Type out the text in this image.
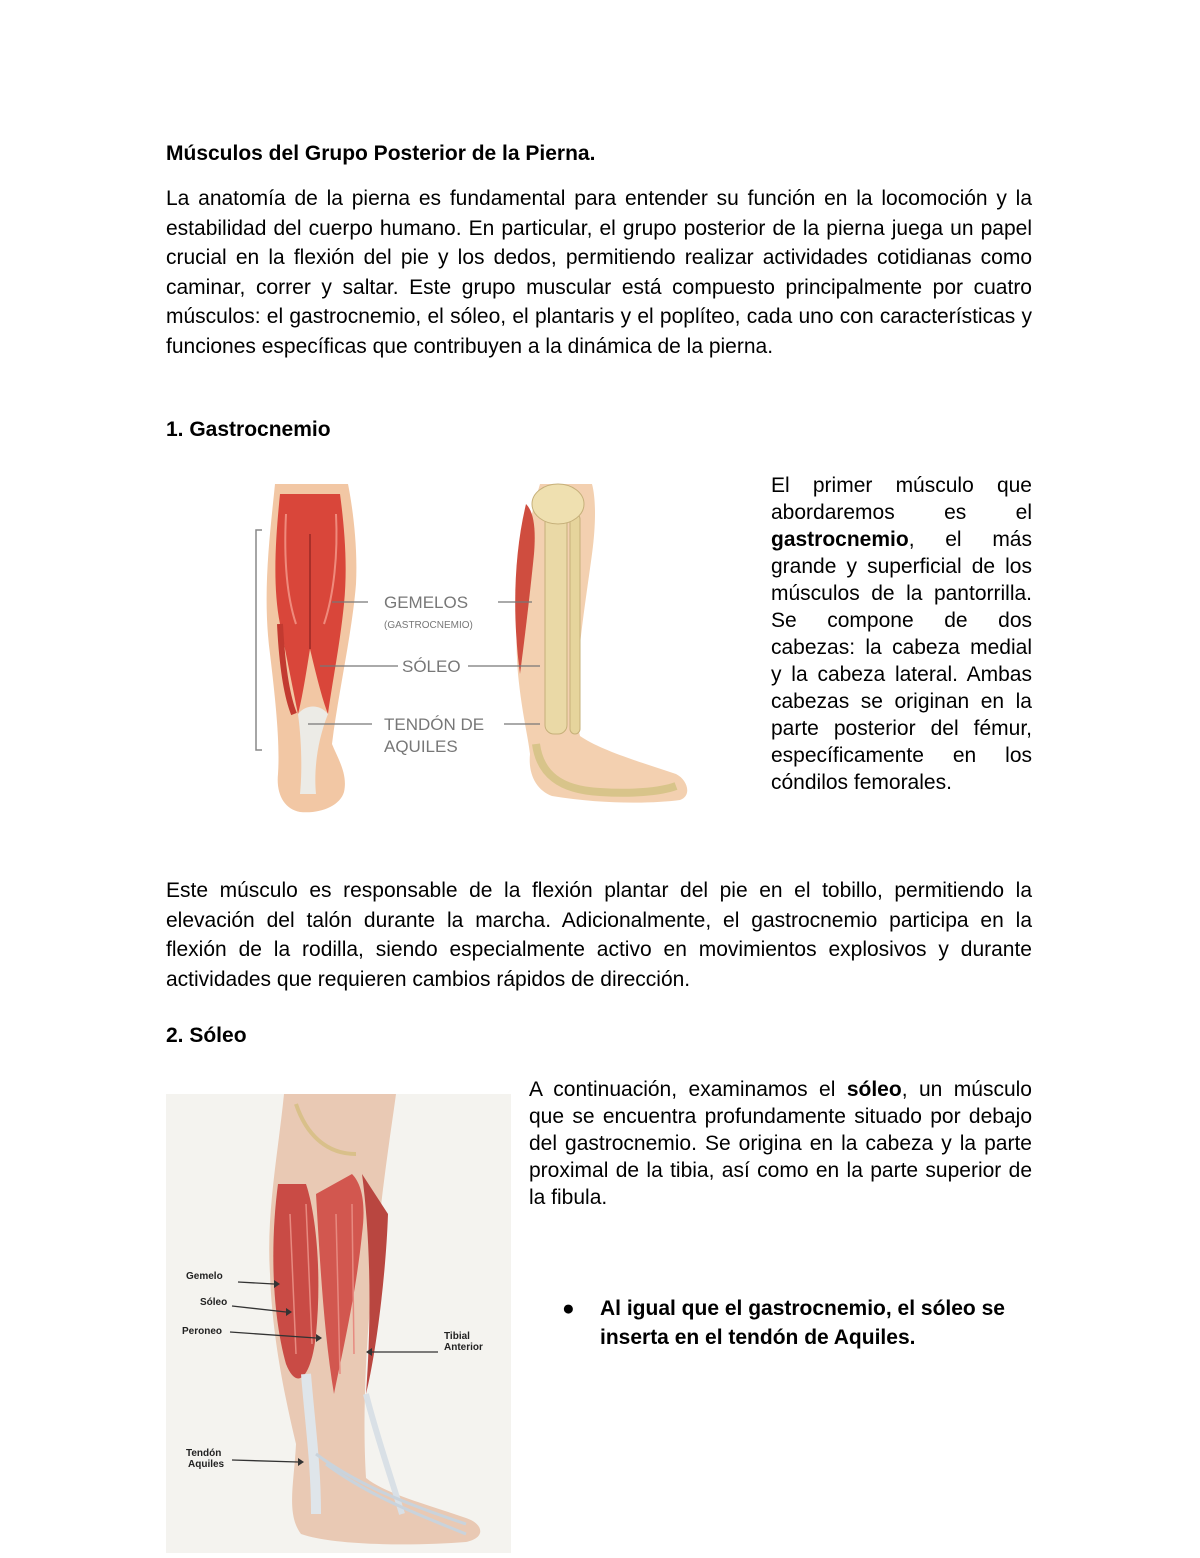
Músculos del Grupo Posterior de la Pierna.

La anatomía de la pierna es fundamental para entender su función en la locomoción y la estabilidad del cuerpo humano. En particular, el grupo posterior de la pierna juega un papel crucial en la flexión del pie y los dedos, permitiendo realizar actividades cotidianas como caminar, correr y saltar. Este grupo muscular está compuesto principalmente por cuatro músculos: el gastrocnemio, el sóleo, el plantaris y el poplíteo, cada uno con características y funciones específicas que contribuyen a la dinámica de la pierna.

1. Gastrocnemio
GEMELOS
(GASTROCNEMIO)
SÓLEO
TENDÓN DE
AQUILES

El primer músculo que abordaremos es el gastrocnemio, el más grande y superficial de los músculos de la pantorrilla. Se compone de dos cabezas: la cabeza medial y la cabeza lateral. Ambas cabezas se originan en la parte posterior del fémur, específicamente en los cóndilos femorales.

Este músculo es responsable de la flexión plantar del pie en el tobillo, permitiendo la elevación del talón durante la marcha. Adicionalmente, el gastrocnemio participa en la flexión de la rodilla, siendo especialmente activo en movimientos explosivos y durante actividades que requieren cambios rápidos de dirección.

2. Sóleo
Gemelo
Sóleo
Peroneo	Tibial
Anterior
Tendón
Aquiles

A continuación, examinamos el sóleo, un músculo que se encuentra profundamente situado por debajo del gastrocnemio. Se origina en la cabeza y la parte proximal de la tibia, así como en la parte superior de la fibula.

● Al igual que el gastrocnemio, el sóleo se inserta en el tendón de Aquiles.
